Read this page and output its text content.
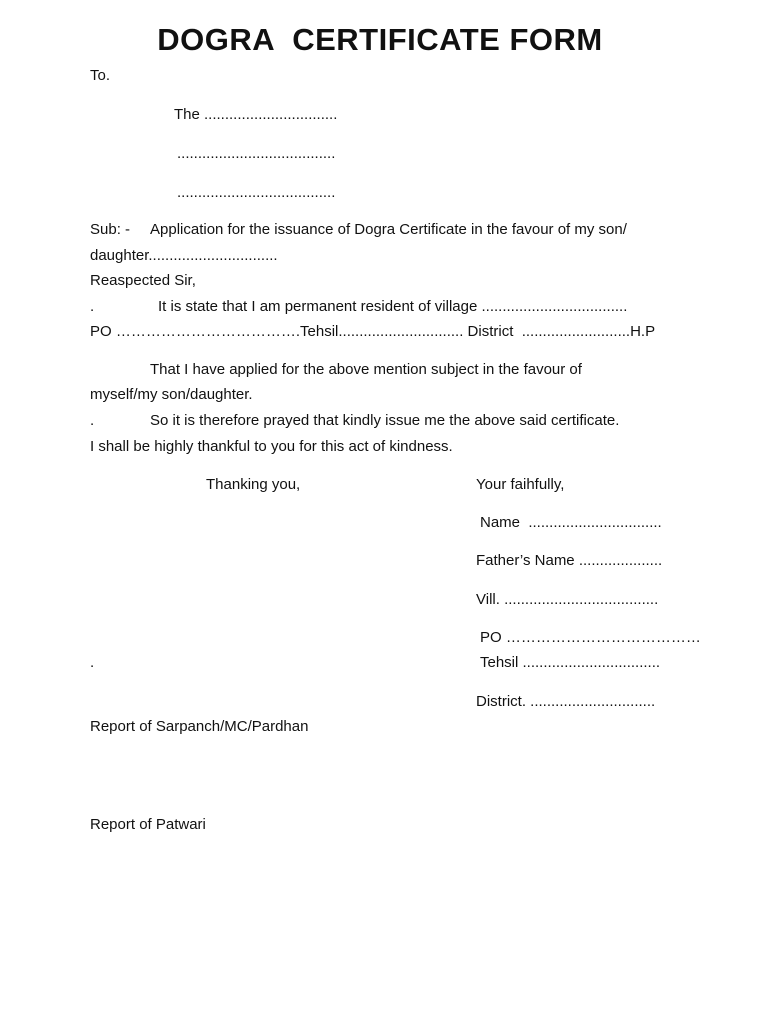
DOGRA  CERTIFICATE FORM
To.
The ................................
......................................
......................................
Sub: - Application for the issuance of Dogra Certificate in the favour of my son/
daughter...............................
Reaspected Sir,
.	It is state that I am permanent resident of village ...................................
PO ……………………………….Tehsil.............................. District  ..........................H.P
That I have applied for the above mention subject in the favour of
myself/my son/daughter.
.	So it is therefore prayed that kindly issue me the above said certificate.
I shall be highly thankful to you for this act of kindness.
Thanking you,	Your faihfully,
Name  ................................
Father’s Name ....................
Vill. .....................................
PO …………………………………
.	Tehsil .................................
District. ..............................
Report of Sarpanch/MC/Pardhan
Report of Patwari
